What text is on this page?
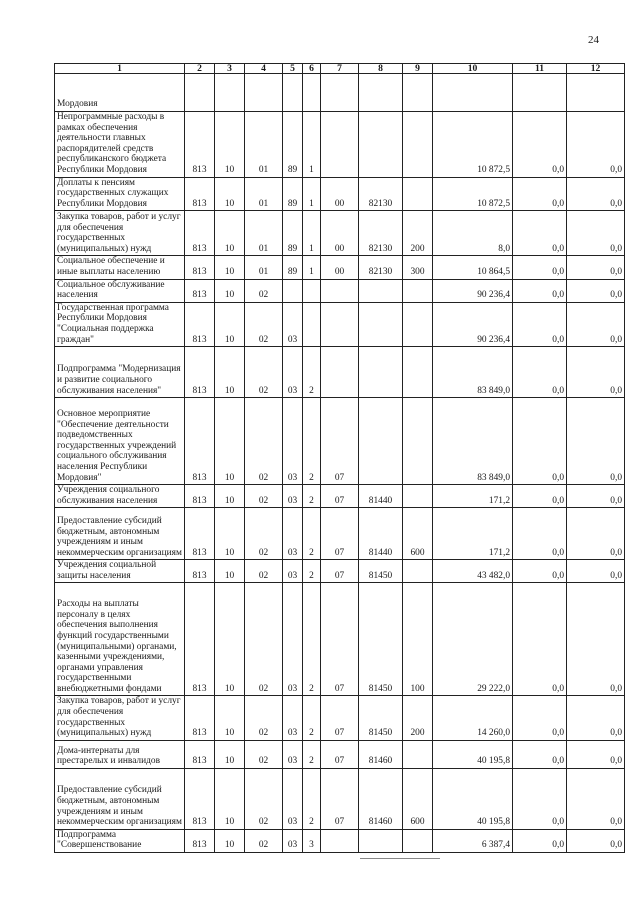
24
1	2	3	4	5	6	7	8	9	10	11	12
Мордовия											
Непрограммные расходы в рамках обеспечения деятельности главных распорядителей средств республиканского бюджета Республики Мордовия	813	10	01	89	1				10 872,5	0,0	0,0
Доплаты к пенсиям государственных служащих Республики Мордовия	813	10	01	89	1	00	82130		10 872,5	0,0	0,0
Закупка товаров, работ и услуг для обеспечения государственных (муниципальных) нужд	813	10	01	89	1	00	82130	200	8,0	0,0	0,0
Социальное обеспечение и иные выплаты населению	813	10	01	89	1	00	82130	300	10 864,5	0,0	0,0
Социальное обслуживание населения	813	10	02						90 236,4	0,0	0,0
Государственная программа Республики Мордовия "Социальная поддержка граждан"	813	10	02	03					90 236,4	0,0	0,0
Подпрограмма "Модернизация и развитие социального обслуживания населения"	813	10	02	03	2				83 849,0	0,0	0,0
Основное мероприятие "Обеспечение деятельности подведомственных государственных учреждений социального обслуживания населения Республики Мордовия"	813	10	02	03	2	07			83 849,0	0,0	0,0
Учреждения социального обслуживания населения	813	10	02	03	2	07	81440		171,2	0,0	0,0
Предоставление субсидий бюджетным, автономным учреждениям и иным некоммерческим организациям	813	10	02	03	2	07	81440	600	171,2	0,0	0,0
Учреждения социальной защиты населения	813	10	02	03	2	07	81450		43 482,0	0,0	0,0
Расходы на выплаты персоналу в целях обеспечения выполнения функций государственными (муниципальными) органами, казенными учреждениями, органами управления государственными внебюджетными фондами	813	10	02	03	2	07	81450	100	29 222,0	0,0	0,0
Закупка товаров, работ и услуг для обеспечения государственных (муниципальных) нужд	813	10	02	03	2	07	81450	200	14 260,0	0,0	0,0
Дома-интернаты для престарелых и инвалидов	813	10	02	03	2	07	81460		40 195,8	0,0	0,0
Предоставление субсидий бюджетным, автономным учреждениям и иным некоммерческим организациям	813	10	02	03	2	07	81460	600	40 195,8	0,0	0,0
Подпрограмма "Совершенствование	813	10	02	03	3				6 387,4	0,0	0,0
